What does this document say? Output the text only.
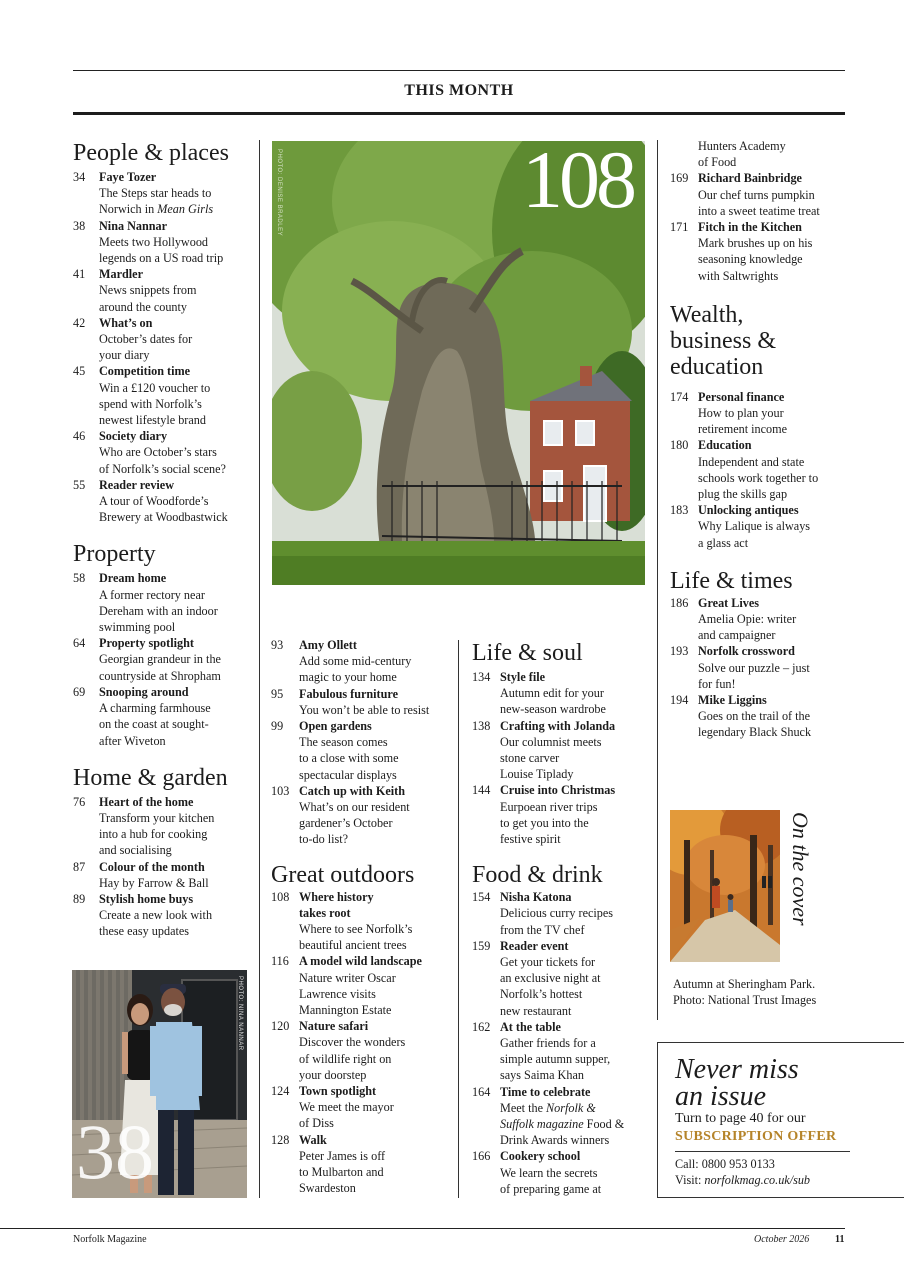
THIS MONTH
People & places
34	Faye Tozer
The Steps star heads to
Norwich in Mean Girls
38	Nina Nannar
Meets two Hollywood
legends on a US road trip
41	Mardler
News snippets from
around the county
42	What’s on
October’s dates for
your diary
45	Competition time
Win a £120 voucher to
spend with Norfolk’s
newest lifestyle brand
46	Society diary
Who are October’s stars
of Norfolk’s social scene?
55	Reader review
A tour of Woodforde’s
Brewery at Woodbastwick
Property
58	Dream home
A former rectory near
Dereham with an indoor
swimming pool
64	Property spotlight
Georgian grandeur in the
countryside at Shropham
69	Snooping around
A charming farmhouse
on the coast at sought-
after Wiveton
Home & garden
76	Heart of the home
Transform your kitchen
into a hub for cooking
and socialising
87	Colour of the month
Hay by Farrow & Ball
89	Stylish home buys
Create a new look with
these easy updates
38
PHOTO: NINA NANNAR
108
PHOTO: DENISE BRADLEY
93	Amy Ollett
Add some mid-century
magic to your home
95	Fabulous furniture
You won’t be able to resist
99	Open gardens
The season comes
to a close with some
spectacular displays
103 Catch up with Keith
What’s on our resident
gardener’s October
to-do list?
Great outdoors
108 Where history
takes root
Where to see Norfolk’s
beautiful ancient trees
116 A model wild landscape
Nature writer Oscar
Lawrence visits
Mannington Estate
120 Nature safari
Discover the wonders
of wildlife right on
your doorstep
124 Town spotlight
We meet the mayor
of Diss
128 Walk
Peter James is off
to Mulbarton and
Swardeston
Life & soul
134 Style file
Autumn edit for your
new-season wardrobe
138 Crafting with Jolanda
Our columnist meets
stone carver
Louise Tiplady
144 Cruise into Christmas
Eurpoean river trips
to get you into the
festive spirit
Food & drink
154 Nisha Katona
Delicious curry recipes
from the TV chef
159 Reader event
Get your tickets for
an exclusive night at
Norfolk’s hottest
new restaurant
162 At the table
Gather friends for a
simple autumn supper,
says Saima Khan
164 Time to celebrate
Meet the Norfolk &
Suffolk magazine Food &
Drink Awards winners
166 Cookery school
We learn the secrets
of preparing game at
Hunters Academy
of Food
169 Richard Bainbridge
Our chef turns pumpkin
into a sweet teatime treat
171 Fitch in the Kitchen
Mark brushes up on his
seasoning knowledge
with Saltwrights
Wealth,
business &
education
174 Personal finance
How to plan your
retirement income
180 Education
Independent and state
schools work together to
plug the skills gap
183 Unlocking antiques
Why Lalique is always
a glass act
Life & times
186 Great Lives
Amelia Opie: writer
and campaigner
193 Norfolk crossword
Solve our puzzle – just
for fun!
194 Mike Liggins
Goes on the trail of the
legendary Black Shuck
On the cover
Autumn at Sheringham Park.
Photo: National Trust Images
Never miss
an issue
Turn to page 40 for our
SUBSCRIPTION OFFER
Call: 0800 953 0133
Visit: norfolkmag.co.uk/sub
Norfolk Magazine	October 2026	11
